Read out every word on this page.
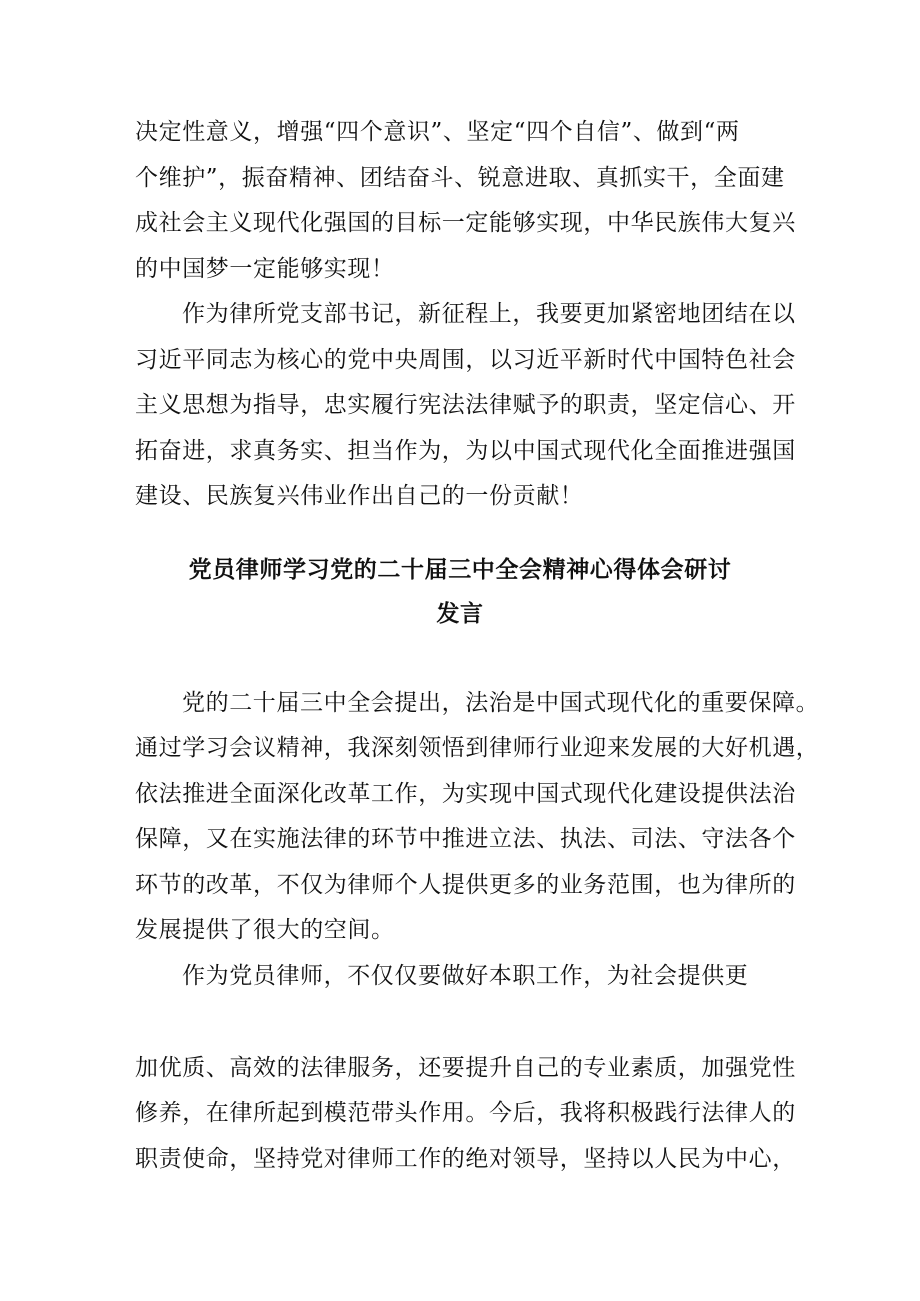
决定性意义，增强“四个意识”、坚定“四个自信”、做到“两
个维护”，振奋精神、团结奋斗、锐意进取、真抓实干，全面建
成社会主义现代化强国的目标一定能够实现，中华民族伟大复兴
的中国梦一定能够实现！
作为律所党支部书记，新征程上，我要更加紧密地团结在以
习近平同志为核心的党中央周围，以习近平新时代中国特色社会
主义思想为指导，忠实履行宪法法律赋予的职责，坚定信心、开
拓奋进，求真务实、担当作为，为以中国式现代化全面推进强国
建设、民族复兴伟业作出自己的一份贡献！
党员律师学习党的二十届三中全会精神心得体会研讨
发言
党的二十届三中全会提出，法治是中国式现代化的重要保障。
通过学习会议精神，我深刻领悟到律师行业迎来发展的大好机遇，
依法推进全面深化改革工作，为实现中国式现代化建设提供法治
保障，又在实施法律的环节中推进立法、执法、司法、守法各个
环节的改革，不仅为律师个人提供更多的业务范围，也为律所的
发展提供了很大的空间。
作为党员律师，不仅仅要做好本职工作，为社会提供更
加优质、高效的法律服务，还要提升自己的专业素质，加强党性
修养，在律所起到模范带头作用。今后，我将积极践行法律人的
职责使命，坚持党对律师工作的绝对领导，坚持以人民为中心，
